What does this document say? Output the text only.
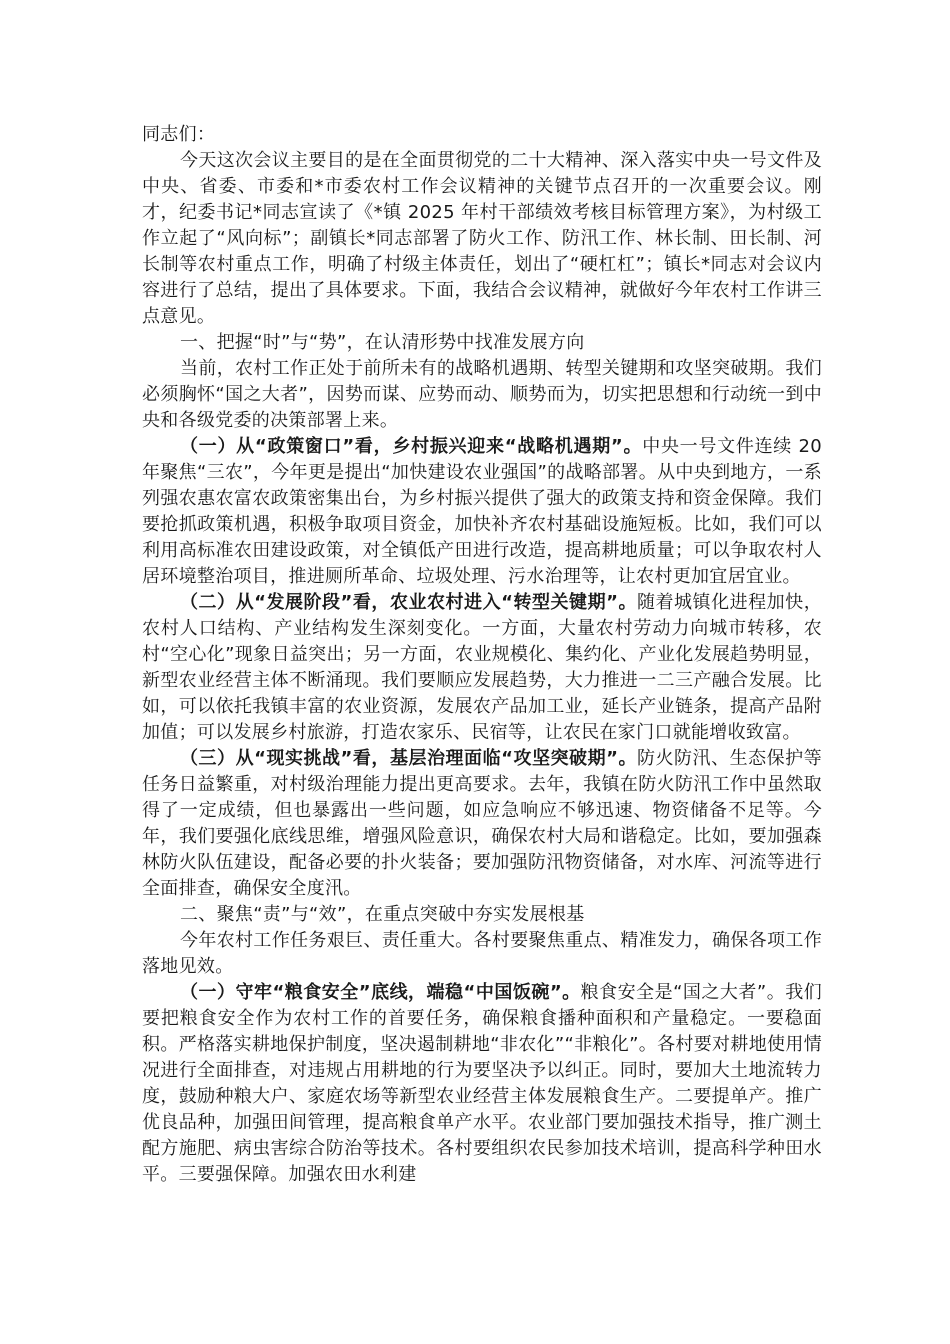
同志们：

今天这次会议主要目的是在全面贯彻党的二十大精神、深入落实中央一号文件及中央、省委、市委和*市委农村工作会议精神的关键节点召开的一次重要会议。刚才，纪委书记*同志宣读了《*镇 2025 年村干部绩效考核目标管理方案》，为村级工作立起了“风向标”；副镇长*同志部署了防火工作、防汛工作、林长制、田长制、河长制等农村重点工作，明确了村级主体责任，划出了“硬杠杠”；镇长*同志对会议内容进行了总结，提出了具体要求。下面，我结合会议精神，就做好今年农村工作讲三点意见。

一、把握“时”与“势”，在认清形势中找准发展方向

当前，农村工作正处于前所未有的战略机遇期、转型关键期和攻坚突破期。我们必须胸怀“国之大者”，因势而谋、应势而动、顺势而为，切实把思想和行动统一到中央和各级党委的决策部署上来。

（一）从“政策窗口”看，乡村振兴迎来“战略机遇期”。中央一号文件连续 20 年聚焦“三农”，今年更是提出“加快建设农业强国”的战略部署。从中央到地方，一系列强农惠农富农政策密集出台，为乡村振兴提供了强大的政策支持和资金保障。我们要抢抓政策机遇，积极争取项目资金，加快补齐农村基础设施短板。比如，我们可以利用高标准农田建设政策，对全镇低产田进行改造，提高耕地质量；可以争取农村人居环境整治项目，推进厕所革命、垃圾处理、污水治理等，让农村更加宜居宜业。

（二）从“发展阶段”看，农业农村进入“转型关键期”。随着城镇化进程加快，农村人口结构、产业结构发生深刻变化。一方面，大量农村劳动力向城市转移，农村“空心化”现象日益突出；另一方面，农业规模化、集约化、产业化发展趋势明显，新型农业经营主体不断涌现。我们要顺应发展趋势，大力推进一二三产融合发展。比如，可以依托我镇丰富的农业资源，发展农产品加工业，延长产业链条，提高产品附加值；可以发展乡村旅游，打造农家乐、民宿等，让农民在家门口就能增收致富。

（三）从“现实挑战”看，基层治理面临“攻坚突破期”。防火防汛、生态保护等任务日益繁重，对村级治理能力提出更高要求。去年，我镇在防火防汛工作中虽然取得了一定成绩，但也暴露出一些问题，如应急响应不够迅速、物资储备不足等。今年，我们要强化底线思维，增强风险意识，确保农村大局和谐稳定。比如，要加强森林防火队伍建设，配备必要的扑火装备；要加强防汛物资储备，对水库、河流等进行全面排查，确保安全度汛。

二、聚焦“责”与“效”，在重点突破中夯实发展根基

今年农村工作任务艰巨、责任重大。各村要聚焦重点、精准发力，确保各项工作落地见效。

（一）守牢“粮食安全”底线，端稳“中国饭碗”。粮食安全是“国之大者”。我们要把粮食安全作为农村工作的首要任务，确保粮食播种面积和产量稳定。一要稳面积。严格落实耕地保护制度，坚决遏制耕地“非农化”“非粮化”。各村要对耕地使用情况进行全面排查，对违规占用耕地的行为要坚决予以纠正。同时，要加大土地流转力度，鼓励种粮大户、家庭农场等新型农业经营主体发展粮食生产。二要提单产。推广优良品种，加强田间管理，提高粮食单产水平。农业部门要加强技术指导，推广测土配方施肥、病虫害综合防治等技术。各村要组织农民参加技术培训，提高科学种田水平。三要强保障。加强农田水利建
